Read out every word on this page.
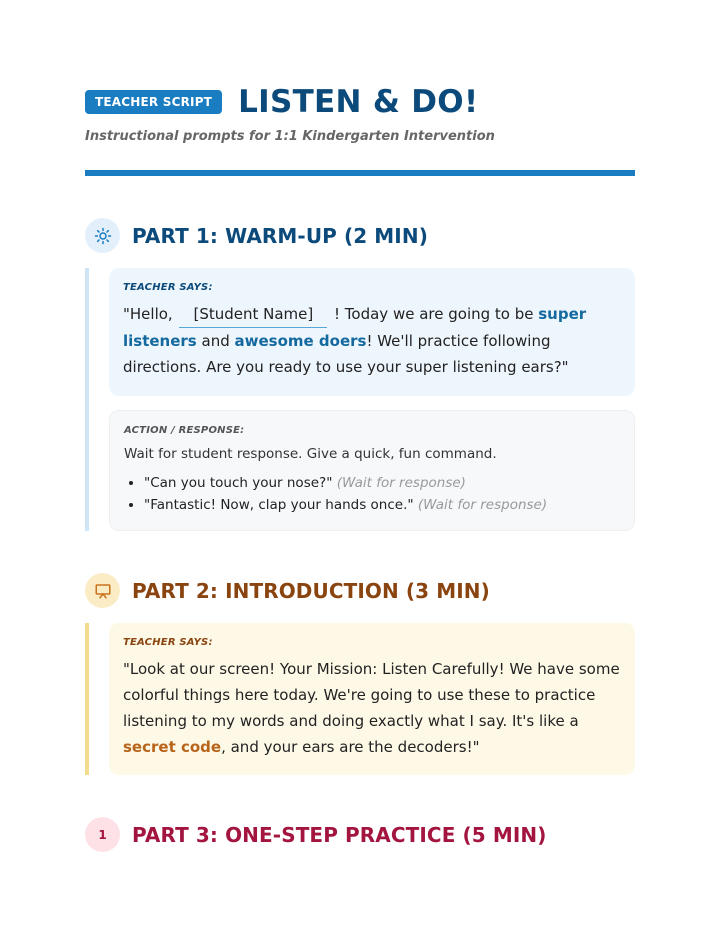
TEACHER SCRIPT LISTEN & DO!
Instructional prompts for 1:1 Kindergarten Intervention
PART 1: WARM-UP (2 MIN)
TEACHER SAYS:
"Hello, [Student Name] ! Today we are going to be super listeners and awesome doers! We'll practice following directions. Are you ready to use your super listening ears?"
ACTION / RESPONSE:
Wait for student response. Give a quick, fun command.
• "Can you touch your nose?" (Wait for response)
• "Fantastic! Now, clap your hands once." (Wait for response)
PART 2: INTRODUCTION (3 MIN)
TEACHER SAYS:
"Look at our screen! Your Mission: Listen Carefully! We have some colorful things here today. We're going to use these to practice listening to my words and doing exactly what I say. It's like a secret code, and your ears are the decoders!"
1 PART 3: ONE-STEP PRACTICE (5 MIN)
